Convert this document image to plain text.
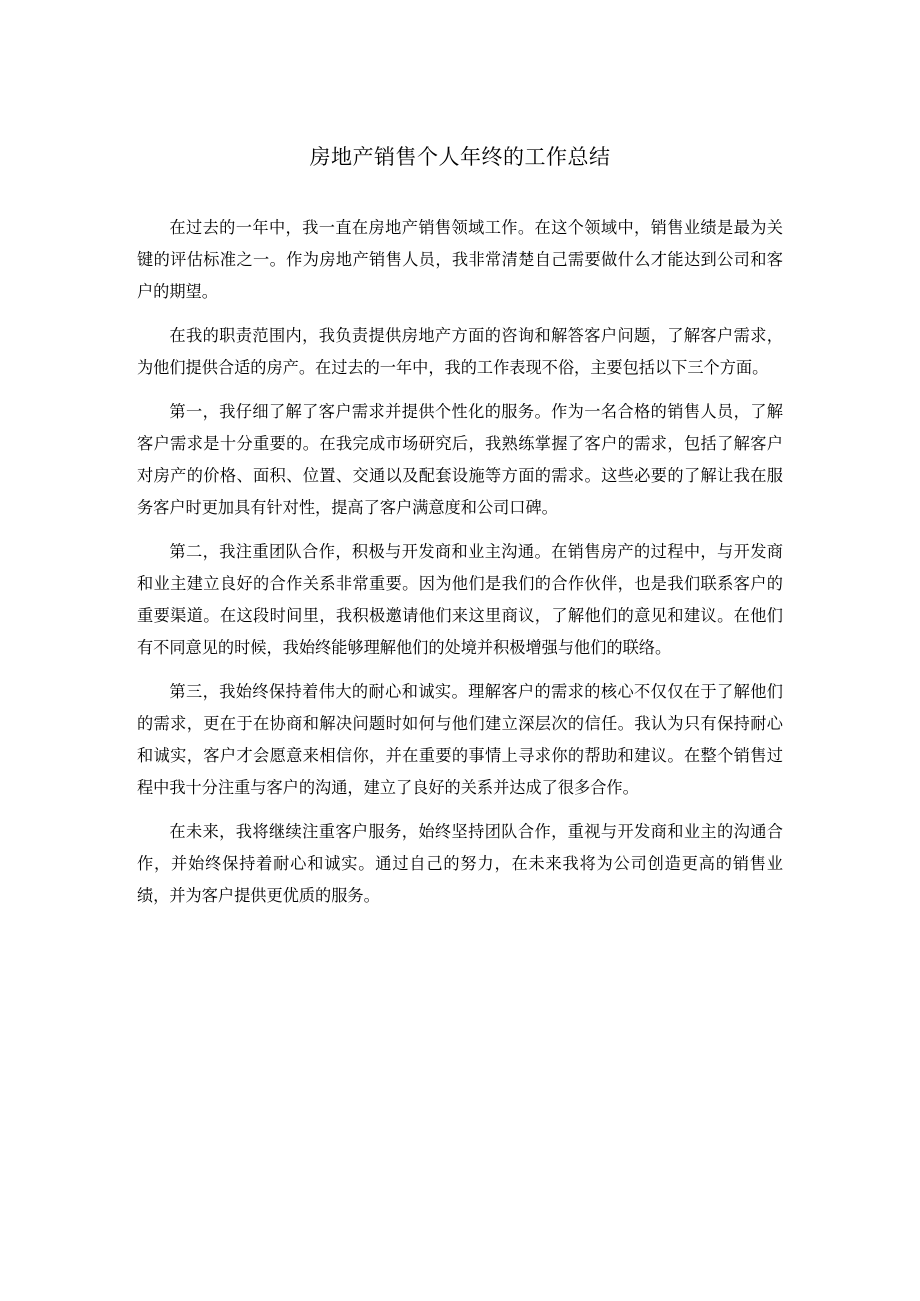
房地产销售个人年终的工作总结

在过去的一年中，我一直在房地产销售领域工作。在这个领域中，销售业绩是最为关键的评估标准之一。作为房地产销售人员，我非常清楚自己需要做什么才能达到公司和客户的期望。

在我的职责范围内，我负责提供房地产方面的咨询和解答客户问题，了解客户需求，为他们提供合适的房产。在过去的一年中，我的工作表现不俗，主要包括以下三个方面。

第一，我仔细了解了客户需求并提供个性化的服务。作为一名合格的销售人员，了解客户需求是十分重要的。在我完成市场研究后，我熟练掌握了客户的需求，包括了解客户对房产的价格、面积、位置、交通以及配套设施等方面的需求。这些必要的了解让我在服务客户时更加具有针对性，提高了客户满意度和公司口碑。

第二，我注重团队合作，积极与开发商和业主沟通。在销售房产的过程中，与开发商和业主建立良好的合作关系非常重要。因为他们是我们的合作伙伴，也是我们联系客户的重要渠道。在这段时间里，我积极邀请他们来这里商议，了解他们的意见和建议。在他们有不同意见的时候，我始终能够理解他们的处境并积极增强与他们的联络。

第三，我始终保持着伟大的耐心和诚实。理解客户的需求的核心不仅仅在于了解他们的需求，更在于在协商和解决问题时如何与他们建立深层次的信任。我认为只有保持耐心和诚实，客户才会愿意来相信你，并在重要的事情上寻求你的帮助和建议。在整个销售过程中我十分注重与客户的沟通，建立了良好的关系并达成了很多合作。

在未来，我将继续注重客户服务，始终坚持团队合作，重视与开发商和业主的沟通合作，并始终保持着耐心和诚实。通过自己的努力，在未来我将为公司创造更高的销售业绩，并为客户提供更优质的服务。
